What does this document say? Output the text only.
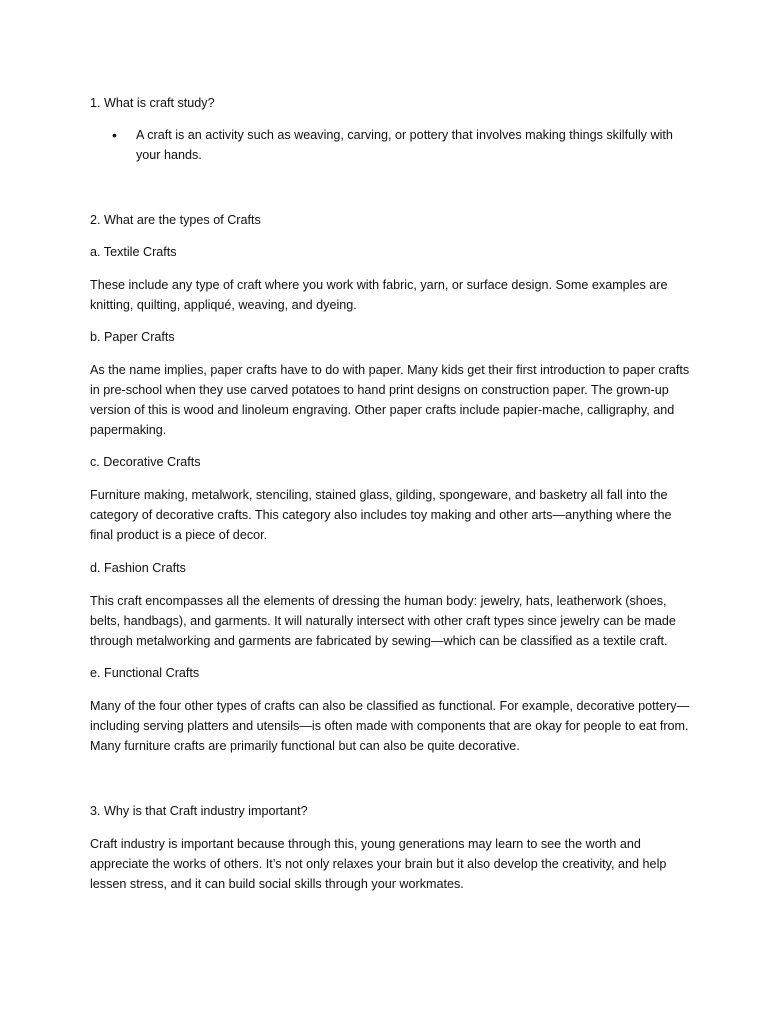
1. What is craft study?

• A craft is an activity such as weaving, carving, or pottery that involves making things skilfully with your hands.

2. What are the types of Crafts

a. Textile Crafts

These include any type of craft where you work with fabric, yarn, or surface design. Some examples are knitting, quilting, appliqué, weaving, and dyeing.

b. Paper Crafts

As the name implies, paper crafts have to do with paper. Many kids get their first introduction to paper crafts in pre-school when they use carved potatoes to hand print designs on construction paper. The grown-up version of this is wood and linoleum engraving. Other paper crafts include papier-mache, calligraphy, and papermaking.

c. Decorative Crafts

Furniture making, metalwork, stenciling, stained glass, gilding, spongeware, and basketry all fall into the category of decorative crafts. This category also includes toy making and other arts—anything where the final product is a piece of decor.

d. Fashion Crafts

This craft encompasses all the elements of dressing the human body: jewelry, hats, leatherwork (shoes, belts, handbags), and garments. It will naturally intersect with other craft types since jewelry can be made through metalworking and garments are fabricated by sewing—which can be classified as a textile craft.

e. Functional Crafts

Many of the four other types of crafts can also be classified as functional. For example, decorative pottery—including serving platters and utensils—is often made with components that are okay for people to eat from. Many furniture crafts are primarily functional but can also be quite decorative.

3. Why is that Craft industry important?

Craft industry is important because through this, young generations may learn to see the worth and appreciate the works of others. It’s not only relaxes your brain but it also develop the creativity, and help lessen stress, and it can build social skills through your workmates.
